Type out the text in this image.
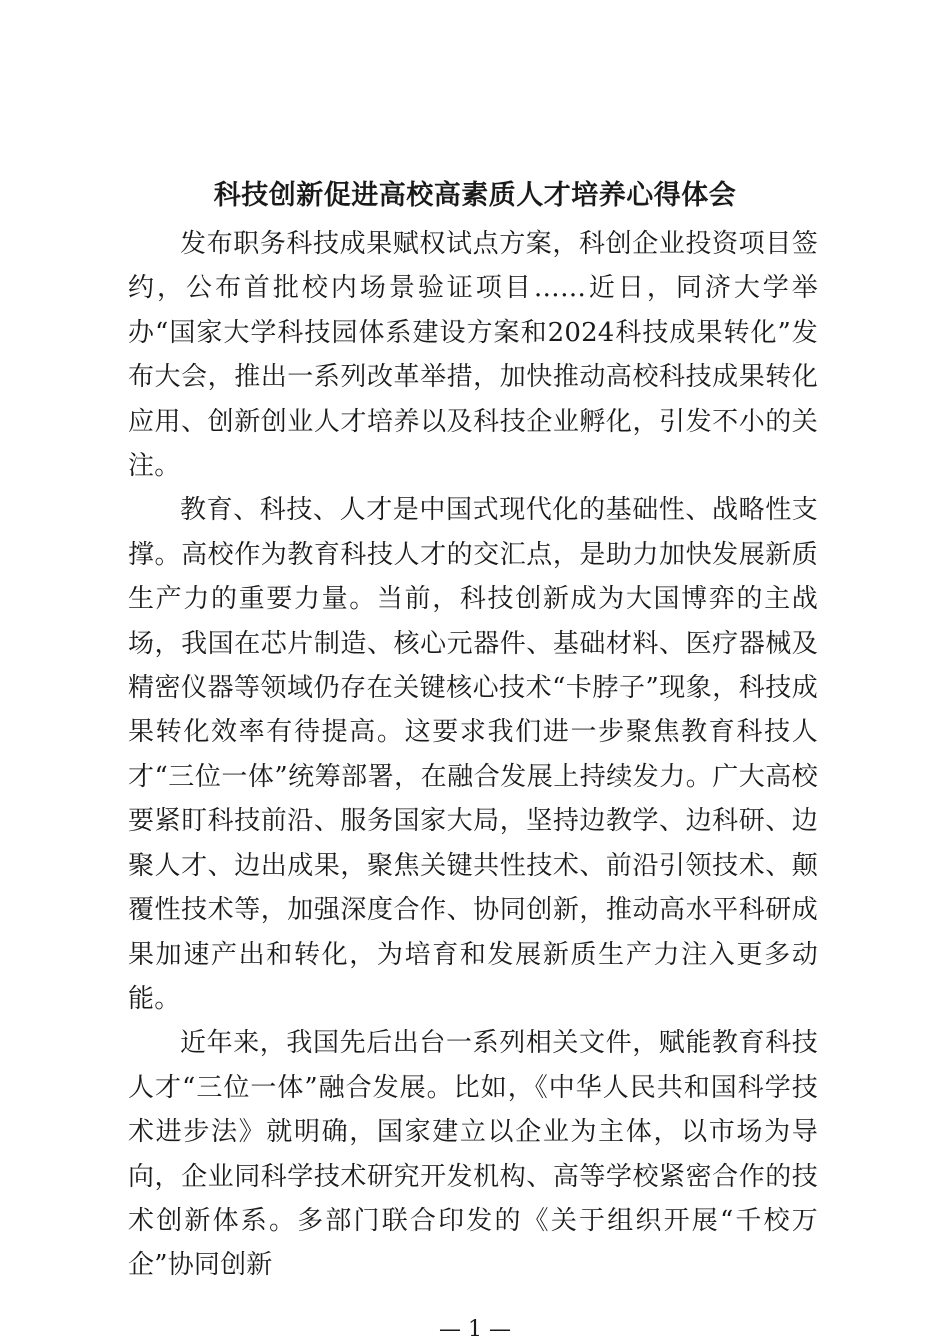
科技创新促进高校高素质人才培养心得体会

发布职务科技成果赋权试点方案，科创企业投资项目签约，公布首批校内场景验证项目……近日，同济大学举办“国家大学科技园体系建设方案和2024科技成果转化”发布大会，推出一系列改革举措，加快推动高校科技成果转化应用、创新创业人才培养以及科技企业孵化，引发不小的关注。

教育、科技、人才是中国式现代化的基础性、战略性支撑。高校作为教育科技人才的交汇点，是助力加快发展新质生产力的重要力量。当前，科技创新成为大国博弈的主战场，我国在芯片制造、核心元器件、基础材料、医疗器械及精密仪器等领域仍存在关键核心技术“卡脖子”现象，科技成果转化效率有待提高。这要求我们进一步聚焦教育科技人才“三位一体”统筹部署，在融合发展上持续发力。广大高校要紧盯科技前沿、服务国家大局，坚持边教学、边科研、边聚人才、边出成果，聚焦关键共性技术、前沿引领技术、颠覆性技术等，加强深度合作、协同创新，推动高水平科研成果加速产出和转化，为培育和发展新质生产力注入更多动能。

近年来，我国先后出台一系列相关文件，赋能教育科技人才“三位一体”融合发展。比如，《中华人民共和国科学技术进步法》就明确，国家建立以企业为主体，以市场为导向，企业同科学技术研究开发机构、高等学校紧密合作的技术创新体系。多部门联合印发的《关于组织开展“千校万企”协同创新

— 1 —
